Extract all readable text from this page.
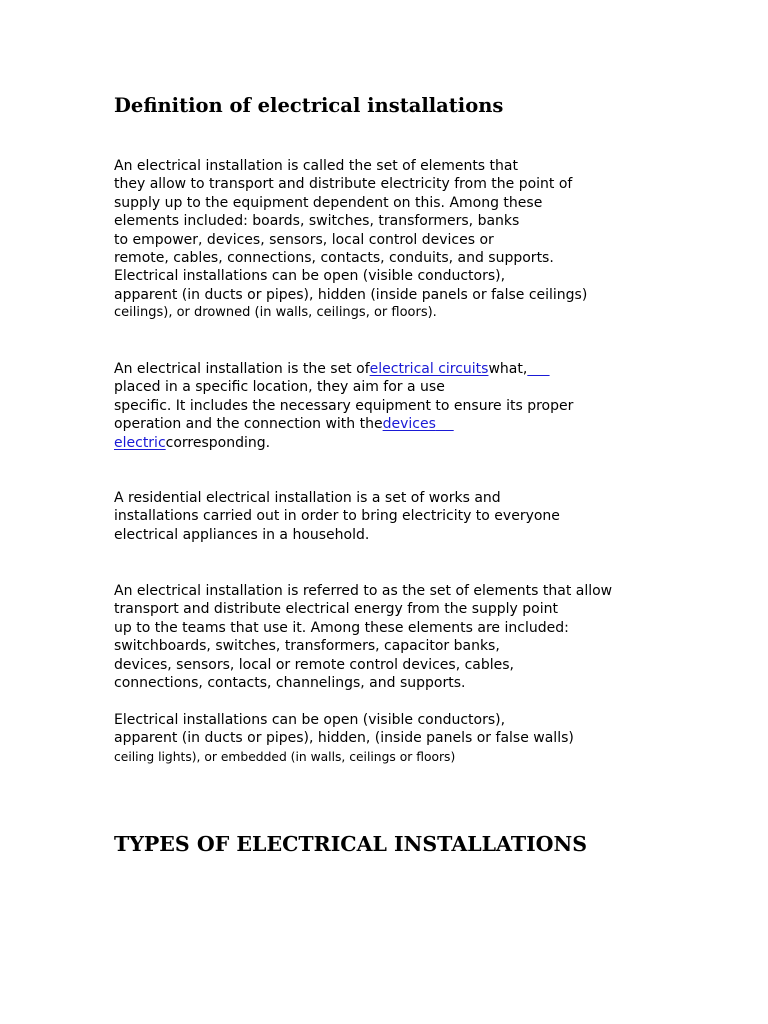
Definition of electrical installations
An electrical installation is called the set of elements that
they allow to transport and distribute electricity from the point of
supply up to the equipment dependent on this. Among these
elements included: boards, switches, transformers, banks
to empower, devices, sensors, local control devices or
remote, cables, connections, contacts, conduits, and supports.
Electrical installations can be open (visible conductors),
apparent (in ducts or pipes), hidden (inside panels or false ceilings)
ceilings), or drowned (in walls, ceilings, or floors).
An electrical installation is the set ofelectrical circuitswhat,
placed in a specific location, they aim for a use
specific. It includes the necessary equipment to ensure its proper
operation and the connection with thedevices
electriccorresponding.
A residential electrical installation is a set of works and
installations carried out in order to bring electricity to everyone
electrical appliances in a household.
An electrical installation is referred to as the set of elements that allow
transport and distribute electrical energy from the supply point
up to the teams that use it. Among these elements are included:
switchboards, switches, transformers, capacitor banks,
devices, sensors, local or remote control devices, cables,
connections, contacts, channelings, and supports.
Electrical installations can be open (visible conductors),
apparent (in ducts or pipes), hidden, (inside panels or false walls)
ceiling lights), or embedded (in walls, ceilings or floors)
TYPES OF ELECTRICAL INSTALLATIONS
